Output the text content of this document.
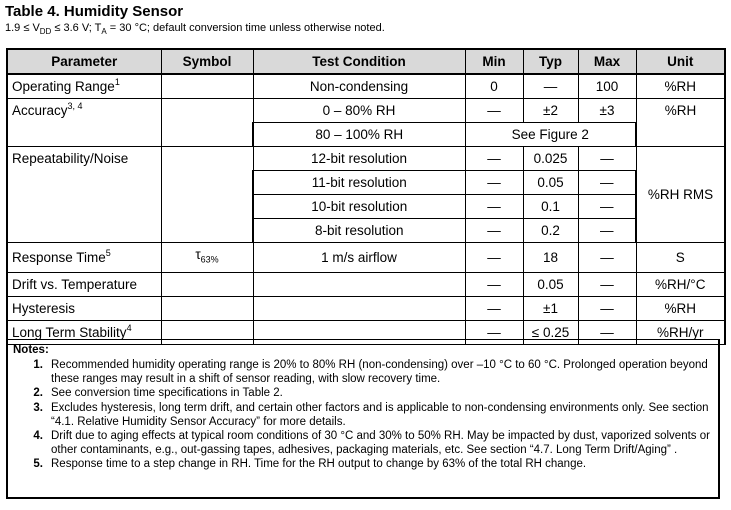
Table 4. Humidity Sensor
$1.9 \le V_{DD} \le 3.6$ V; $T_A = 30$ °C; default conversion time unless otherwise noted.
Parameter	Symbol	Test Condition	Min	Typ	Max	Unit
Operating Range$^1$		Non-condensing	0	—	100	%RH
Accuracy$^{3, 4}$		0 – 80% RH	—	±2	±3	%RH
		80 – 100% RH	See Figure 2			
Repeatability/Noise		12-bit resolution	—	0.025	—	%RH RMS
		11-bit resolution	—	0.05	—	
		10-bit resolution	—	0.1	—	
		8-bit resolution	—	0.2	—	
Response Time$^5$	$\tau_{63\%}$	1 m/s airflow	—	18	—	S
Drift vs. Temperature			—	0.05	—	%RH/°C
Hysteresis			—	±1	—	%RH
Long Term Stability$^4$			—	≤ 0.25	—	%RH/yr
Notes:
1. Recommended humidity operating range is 20% to 80% RH (non-condensing) over –10 °C to 60 °C. Prolonged operation beyond these ranges may result in a shift of sensor reading, with slow recovery time.
2. See conversion time specifications in Table 2.
3. Excludes hysteresis, long term drift, and certain other factors and is applicable to non-condensing environments only. See section “4.1. Relative Humidity Sensor Accuracy” for more details.
4. Drift due to aging effects at typical room conditions of 30 °C and 30% to 50% RH. May be impacted by dust, vaporized solvents or other contaminants, e.g., out-gassing tapes, adhesives, packaging materials, etc. See section “4.7. Long Term Drift/Aging” .
5. Response time to a step change in RH. Time for the RH output to change by 63% of the total RH change.
